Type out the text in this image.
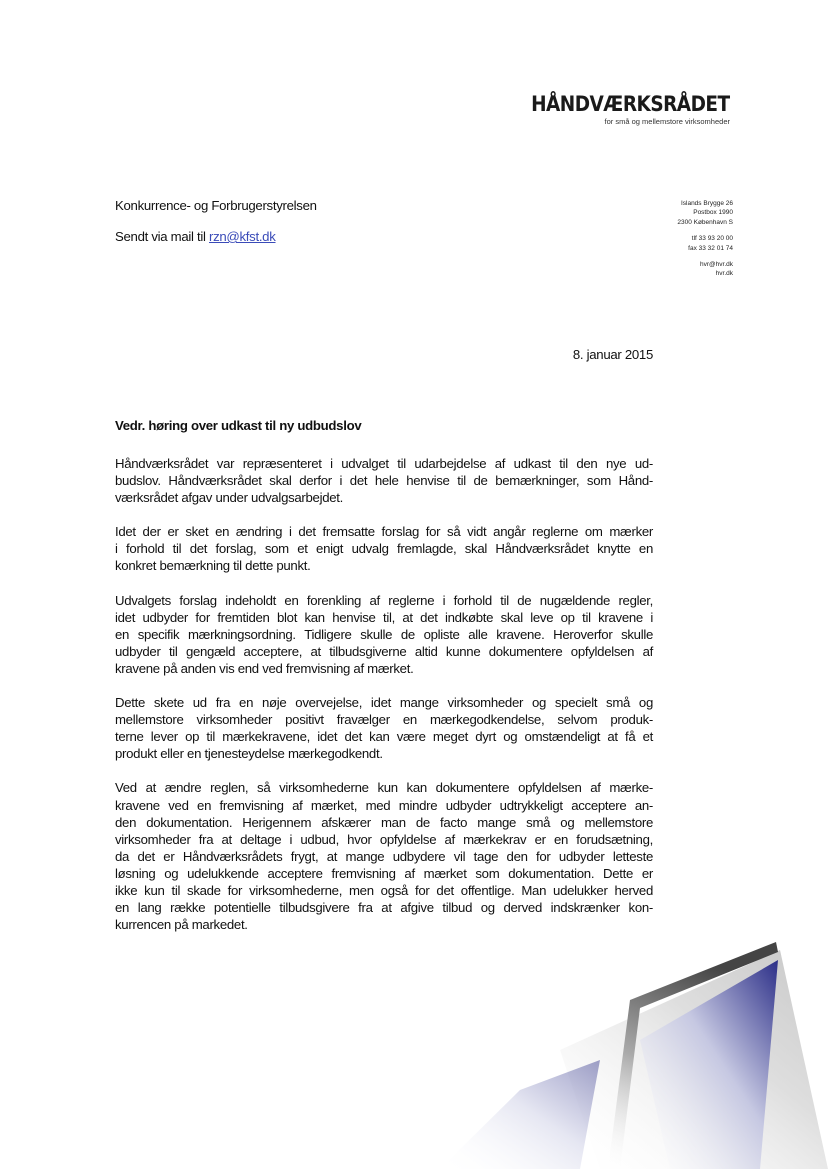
HÅNDVÆRKSRÅDET
for små og mellemstore virksomheder
Islands Brygge 26
Postbox 1990
2300 København S
tlf 33 93 20 00
fax 33 32 01 74
hvr@hvr.dk
hvr.dk
Konkurrence- og Forbrugerstyrelsen
Sendt via mail til rzn@kfst.dk
8. januar 2015
Vedr. høring over udkast til ny udbudslov

Håndværksrådet var repræsenteret i udvalget til udarbejdelse af udkast til den nye ud-
budslov. Håndværksrådet skal derfor i det hele henvise til de bemærkninger, som Hånd-
værksrådet afgav under udvalgsarbejdet.

Idet der er sket en ændring i det fremsatte forslag for så vidt angår reglerne om mærker
i forhold til det forslag, som et enigt udvalg fremlagde, skal Håndværksrådet knytte en
konkret bemærkning til dette punkt.

Udvalgets forslag indeholdt en forenkling af reglerne i forhold til de nugældende regler,
idet udbyder for fremtiden blot kan henvise til, at det indkøbte skal leve op til kravene i
en specifik mærkningsordning. Tidligere skulle de opliste alle kravene. Heroverfor skulle
udbyder til gengæld acceptere, at tilbudsgiverne altid kunne dokumentere opfyldelsen af
kravene på anden vis end ved fremvisning af mærket.

Dette skete ud fra en nøje overvejelse, idet mange virksomheder og specielt små og
mellemstore virksomheder positivt fravælger en mærkegodkendelse, selvom produk-
terne lever op til mærkekravene, idet det kan være meget dyrt og omstændeligt at få et
produkt eller en tjenesteydelse mærkegodkendt.

Ved at ændre reglen, så virksomhederne kun kan dokumentere opfyldelsen af mærke-
kravene ved en fremvisning af mærket, med mindre udbyder udtrykkeligt acceptere an-
den dokumentation. Herigennem afskærer man de facto mange små og mellemstore
virksomheder fra at deltage i udbud, hvor opfyldelse af mærkekrav er en forudsætning,
da det er Håndværksrådets frygt, at mange udbydere vil tage den for udbyder letteste
løsning og udelukkende acceptere fremvisning af mærket som dokumentation. Dette er
ikke kun til skade for virksomhederne, men også for det offentlige. Man udelukker herved
en lang række potentielle tilbudsgivere fra at afgive tilbud og derved indskrænker kon-
kurrencen på markedet.
